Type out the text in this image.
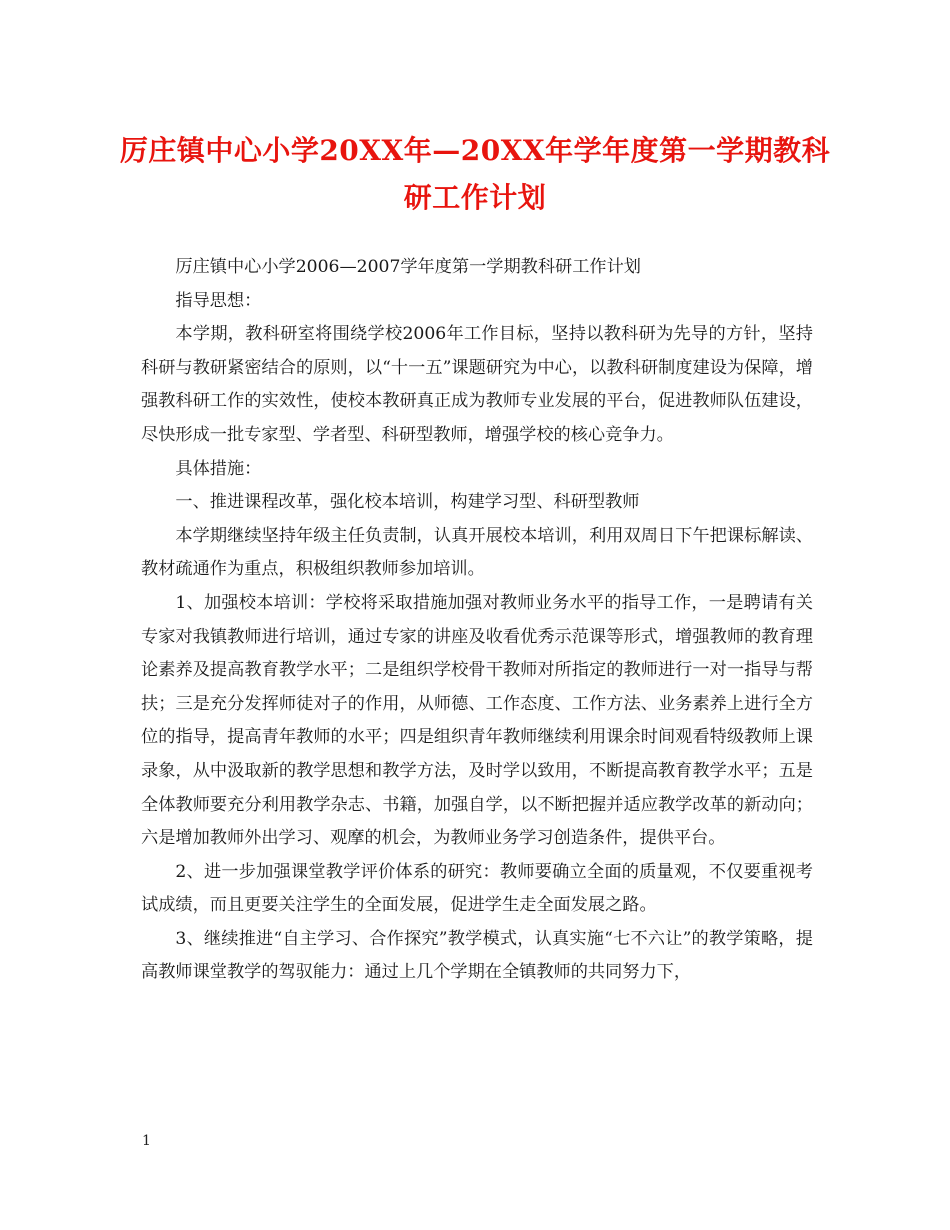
厉庄镇中心小学20XX年—20XX年学年度第一学期教科研工作计划

厉庄镇中心小学2006—2007学年度第一学期教科研工作计划

指导思想：

本学期，教科研室将围绕学校2006年工作目标，坚持以教科研为先导的方针，坚持科研与教研紧密结合的原则，以“十一五”课题研究为中心，以教科研制度建设为保障，增强教科研工作的实效性，使校本教研真正成为教师专业发展的平台，促进教师队伍建设，尽快形成一批专家型、学者型、科研型教师，增强学校的核心竞争力。

具体措施：

一、推进课程改革，强化校本培训，构建学习型、科研型教师

本学期继续坚持年级主任负责制，认真开展校本培训，利用双周日下午把课标解读、教材疏通作为重点，积极组织教师参加培训。

1、加强校本培训：学校将采取措施加强对教师业务水平的指导工作，一是聘请有关专家对我镇教师进行培训，通过专家的讲座及收看优秀示范课等形式，增强教师的教育理论素养及提高教育教学水平；二是组织学校骨干教师对所指定的教师进行一对一指导与帮扶；三是充分发挥师徒对子的作用，从师德、工作态度、工作方法、业务素养上进行全方位的指导，提高青年教师的水平；四是组织青年教师继续利用课余时间观看特级教师上课录象，从中汲取新的教学思想和教学方法，及时学以致用，不断提高教育教学水平；五是全体教师要充分利用教学杂志、书籍，加强自学，以不断把握并适应教学改革的新动向；六是增加教师外出学习、观摩的机会，为教师业务学习创造条件，提供平台。

2、进一步加强课堂教学评价体系的研究：教师要确立全面的质量观，不仅要重视考试成绩，而且更要关注学生的全面发展，促进学生走全面发展之路。

3、继续推进“自主学习、合作探究”教学模式，认真实施“七不六让”的教学策略，提高教师课堂教学的驾驭能力：通过上几个学期在全镇教师的共同努力下，

1
